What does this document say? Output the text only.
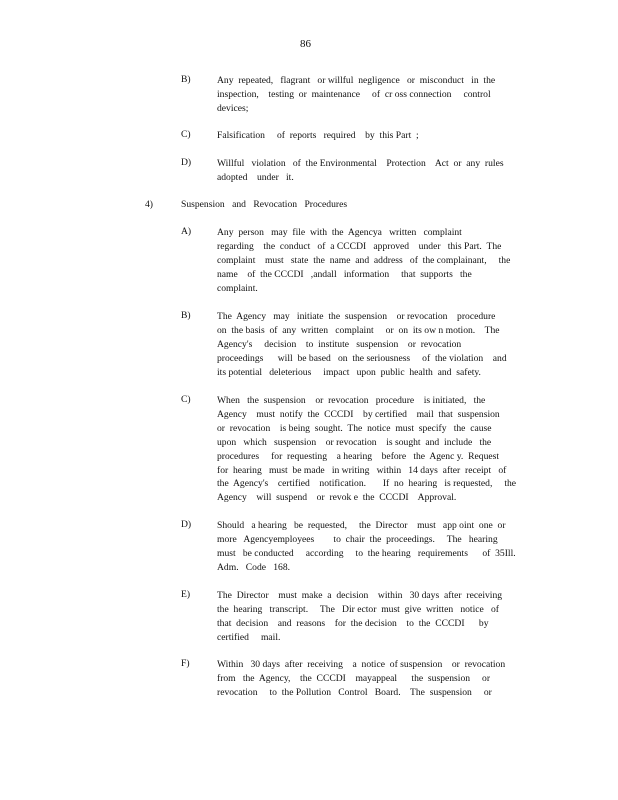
86
B)	Any  repeated,   flagrant   or willful  negligence   or  misconduct   in  the
inspection,    testing  or  maintenance     of  cr oss connection     control
devices;
C)	Falsification     of  reports   required    by  this Part  ;
D)	Willful   violation   of  the Environmental    Protection    Act  or  any  rules
adopted    under   it.
4)	Suspension and Revocation Procedures
A)	Any  person   may  file  with  the  Agencya   written   complaint
regarding    the  conduct   of  a CCCDI   approved    under   this Part.  The
complaint    must   state  the  name  and  address   of  the complainant,     the
name    of  the CCCDI   ,andall   information     that  supports   the
complaint.
B)	The  Agency   may   initiate  the  suspension    or revocation    procedure
on  the basis  of  any  written   complaint     or  on  its ow n motion.    The
Agency's     decision    to  institute   suspension    or  revocation
proceedings      will  be based   on  the seriousness     of  the violation    and
its potential   deleterious     impact   upon  public  health  and  safety.
C)	When   the  suspension    or  revocation   procedure    is initiated,   the
Agency    must  notify  the  CCCDI    by certified    mail  that  suspension
or  revocation    is being  sought.  The  notice  must  specify   the  cause
upon   which   suspension    or revocation    is sought  and  include   the
procedures     for  requesting    a hearing    before   the  Agenc y.  Request
for  hearing   must  be made   in writing   within   14 days  after  receipt   of
the  Agency's    certified    notification.       If  no  hearing   is requested,     the
Agency    will  suspend    or  revok e  the  CCCDI    Approval.
D)	Should   a hearing   be  requested,     the  Director    must   app oint  one  or
more   Agencyemployees        to  chair  the  proceedings.     The   hearing
must   be conducted     according     to  the hearing   requirements      of  35Ill.
Adm.   Code   168.
E)	The  Director    must  make  a  decision    within   30 days  after  receiving
the  hearing   transcript.     The   Dir ector  must  give  written   notice   of
that  decision    and  reasons    for  the decision    to  the  CCCDI      by
certified     mail.
F)	Within   30 days  after  receiving    a  notice  of suspension    or  revocation
from   the  Agency,    the  CCCDI    mayappeal      the  suspension     or
revocation     to  the Pollution   Control   Board.    The  suspension     or
